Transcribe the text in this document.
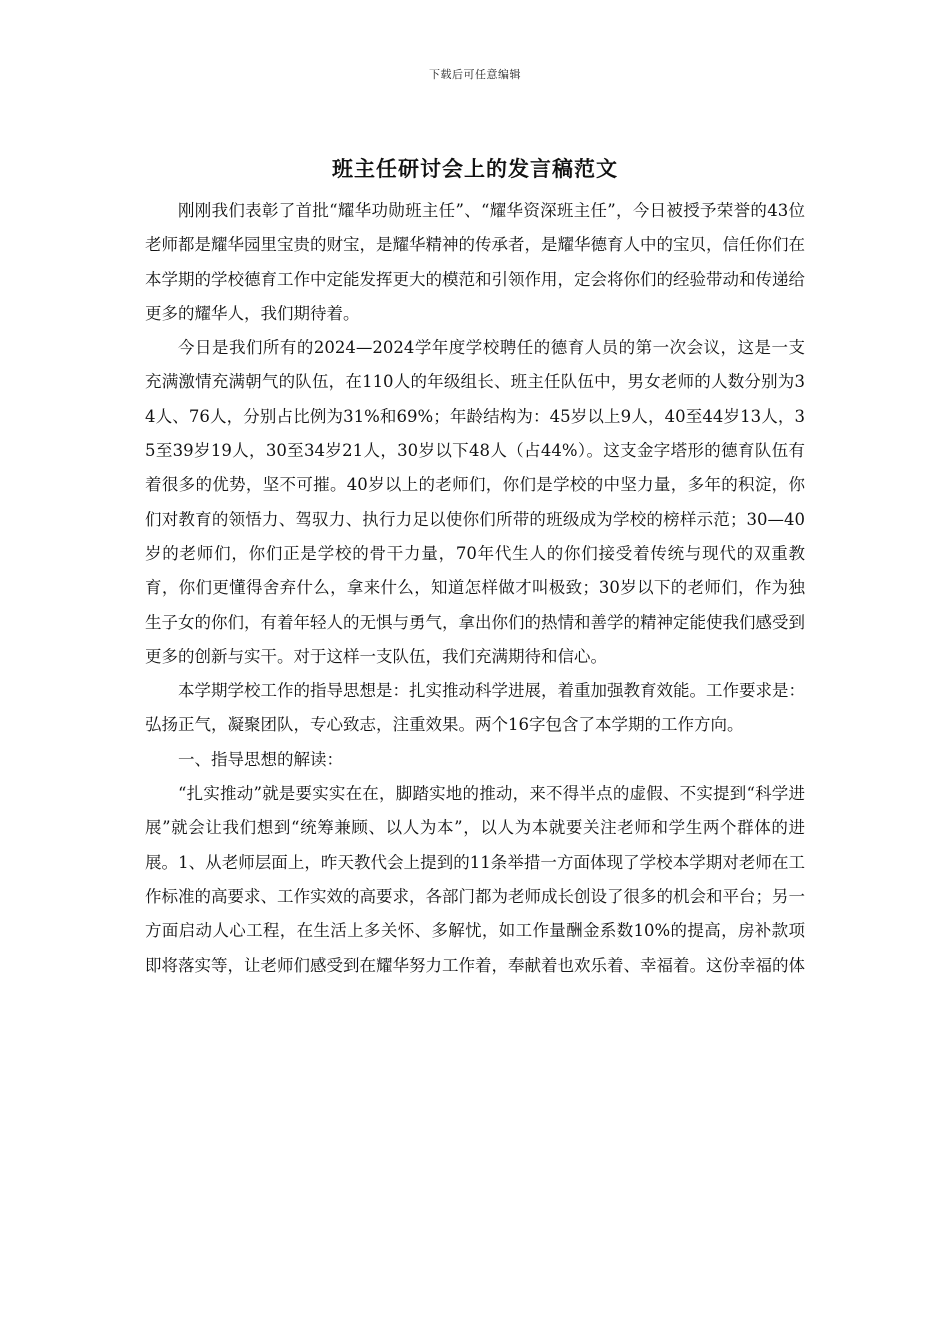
下载后可任意编辑
班主任研讨会上的发言稿范文

刚刚我们表彰了首批“耀华功勋班主任”、“耀华资深班主任”，今日被授予荣誉的43位老师都是耀华园里宝贵的财宝，是耀华精神的传承者，是耀华德育人中的宝贝，信任你们在本学期的学校德育工作中定能发挥更大的模范和引领作用，定会将你们的经验带动和传递给更多的耀华人，我们期待着。

今日是我们所有的2024—2024学年度学校聘任的德育人员的第一次会议，这是一支充满激情充满朝气的队伍，在110人的年级组长、班主任队伍中，男女老师的人数分别为34人、76人，分别占比例为31%和69%；年龄结构为：45岁以上9人，40至44岁13人，35至39岁19人，30至34岁21人，30岁以下48人（占44%）。这支金字塔形的德育队伍有着很多的优势，坚不可摧。40岁以上的老师们，你们是学校的中坚力量，多年的积淀，你们对教育的领悟力、驾驭力、执行力足以使你们所带的班级成为学校的榜样示范；30—40岁的老师们，你们正是学校的骨干力量，70年代生人的你们接受着传统与现代的双重教育，你们更懂得舍弃什么，拿来什么，知道怎样做才叫极致；30岁以下的老师们，作为独生子女的你们，有着年轻人的无惧与勇气，拿出你们的热情和善学的精神定能使我们感受到更多的创新与实干。对于这样一支队伍，我们充满期待和信心。

本学期学校工作的指导思想是：扎实推动科学进展，着重加强教育效能。工作要求是：弘扬正气，凝聚团队，专心致志，注重效果。两个16字包含了本学期的工作方向。

一、指导思想的解读：

“扎实推动”就是要实实在在，脚踏实地的推动，来不得半点的虚假、不实提到“科学进展”就会让我们想到“统筹兼顾、以人为本”，以人为本就要关注老师和学生两个群体的进展。1、从老师层面上，昨天教代会上提到的11条举措一方面体现了学校本学期对老师在工作标准的高要求、工作实效的高要求，各部门都为老师成长创设了很多的机会和平台；另一方面启动人心工程，在生活上多关怀、多解忧，如工作量酬金系数10%的提高，房补款项即将落实等，让老师们感受到在耀华努力工作着，奉献着也欢乐着、幸福着。这份幸福的体
